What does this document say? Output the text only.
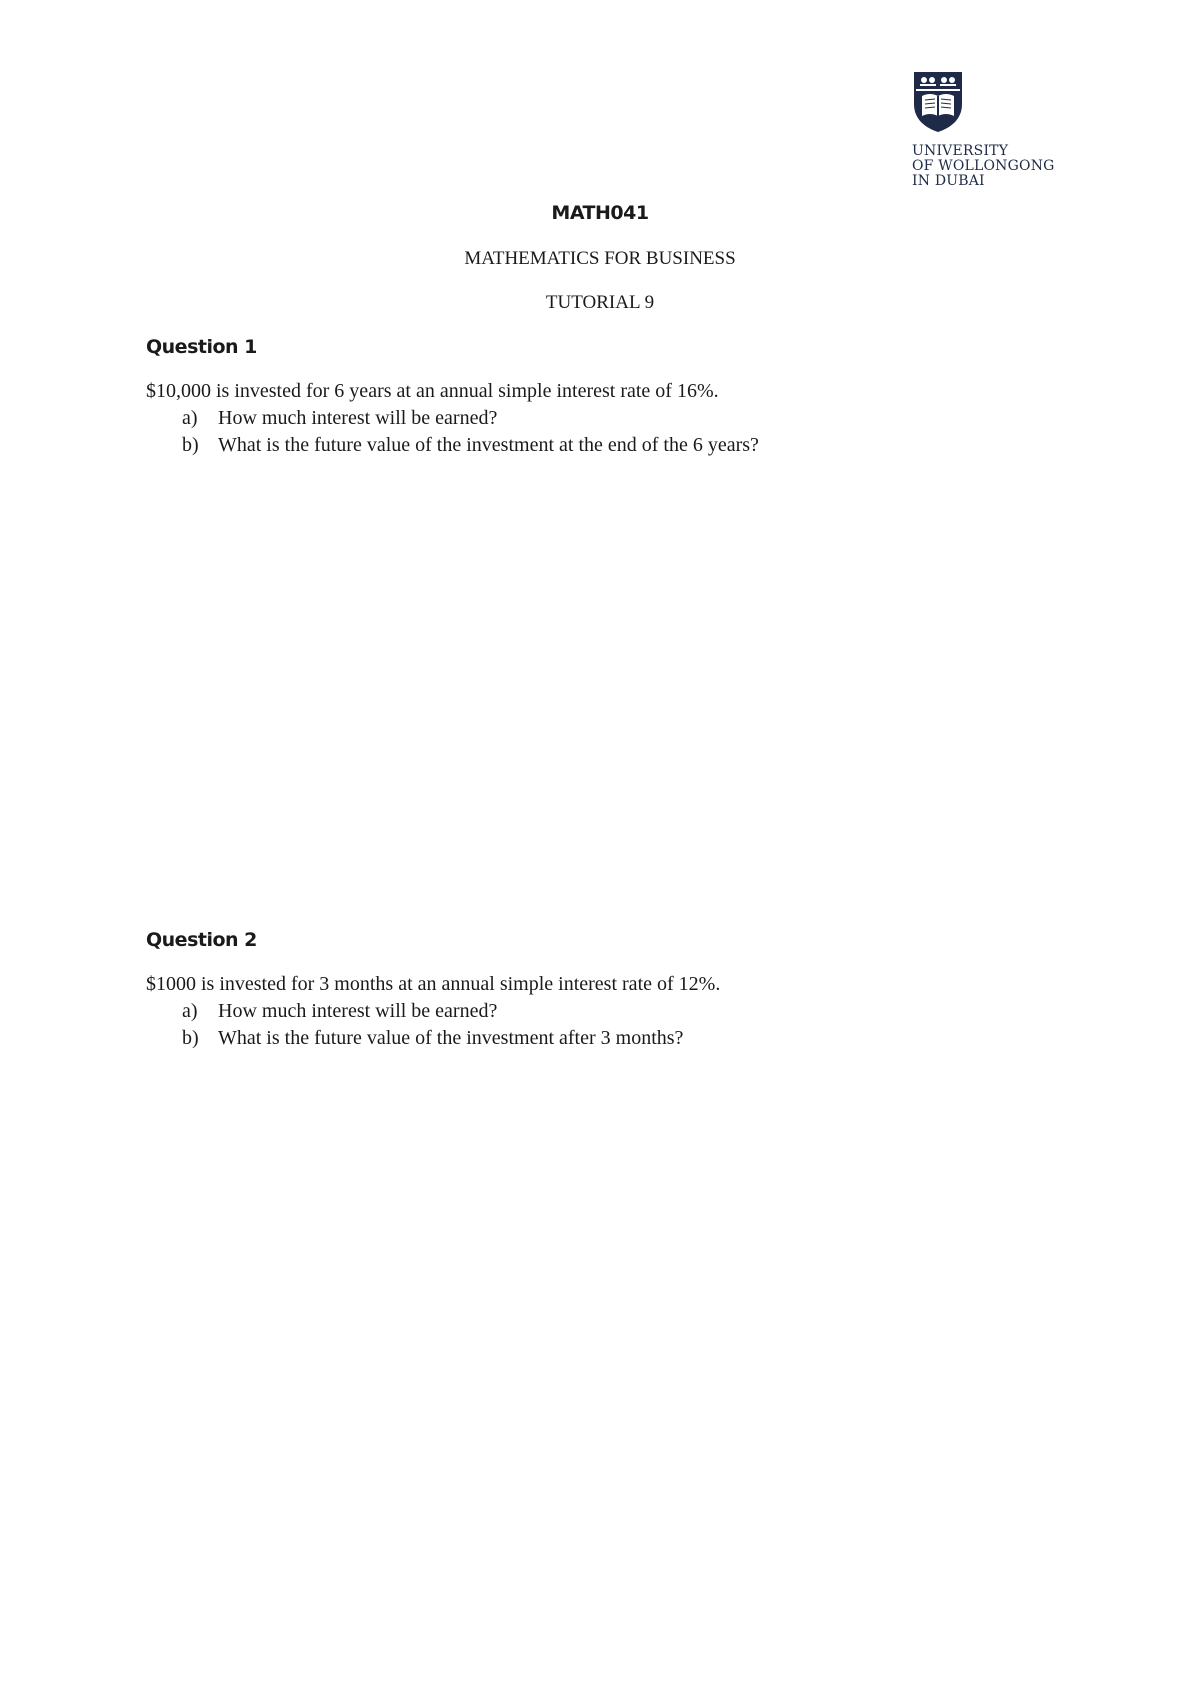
UNIVERSITY
OF WOLLONGONG
IN DUBAI
MATH041
MATHEMATICS FOR BUSINESS
TUTORIAL 9
Question 1
$10,000 is invested for 6 years at an annual simple interest rate of 16%.
a) How much interest will be earned?
b) What is the future value of the investment at the end of the 6 years?
Question 2
$1000 is invested for 3 months at an annual simple interest rate of 12%.
a) How much interest will be earned?
b) What is the future value of the investment after 3 months?
